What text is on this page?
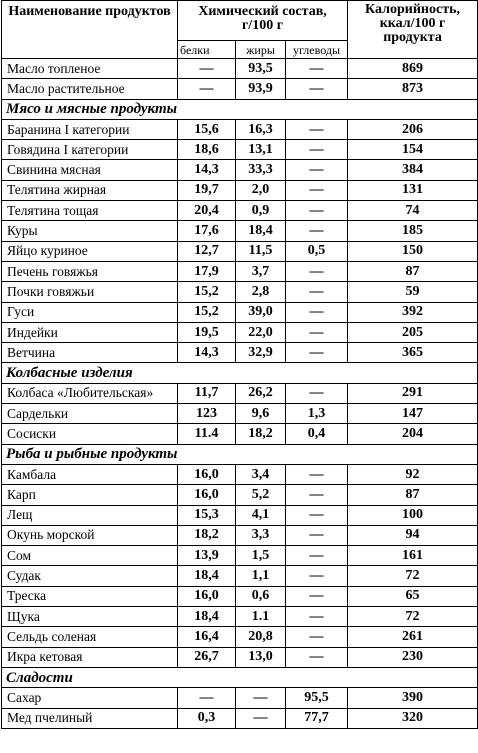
Наименование продуктов	Химический состав, г/100 г			Калорийность, ккал/100 г продукта
	белки	жиры	углеводы	
Масло топленое	—	93,5	—	869
Масло растительное	—	93,9	—	873
Мясо и мясные продукты				
Баранина I категории	15,6	16,3	—	206
Говядина I категории	18,6	13,1	—	154
Свинина мясная	14,3	33,3	—	384
Телятина жирная	19,7	2,0	—	131
Телятина тощая	20,4	0,9	—	74
Куры	17,6	18,4	—	185
Яйцо куриное	12,7	11,5	0,5	150
Печень говяжья	17,9	3,7	—	87
Почки говяжьи	15,2	2,8	—	59
Гуси	15,2	39,0	—	392
Индейки	19,5	22,0	—	205
Ветчина	14,3	32,9	—	365
Колбасные изделия				
Колбаса «Любительская»	11,7	26,2	—	291
Сардельки	123	9,6	1,3	147
Сосиски	11.4	18,2	0,4	204
Рыба и рыбные продукты				
Камбала	16,0	3,4	—	92
Карп	16,0	5,2	—	87
Лещ	15,3	4,1	—	100
Окунь морской	18,2	3,3	—	94
Сом	13,9	1,5	—	161
Судак	18,4	1,1	—	72
Треска	16,0	0,6	—	65
Щука	18,4	1.1	—	72
Сельдь соленая	16,4	20,8	—	261
Икра кетовая	26,7	13,0	—	230
Сладости				
Сахар	—	—	95,5	390
Мед пчелиный	0,3	—	77,7	320
